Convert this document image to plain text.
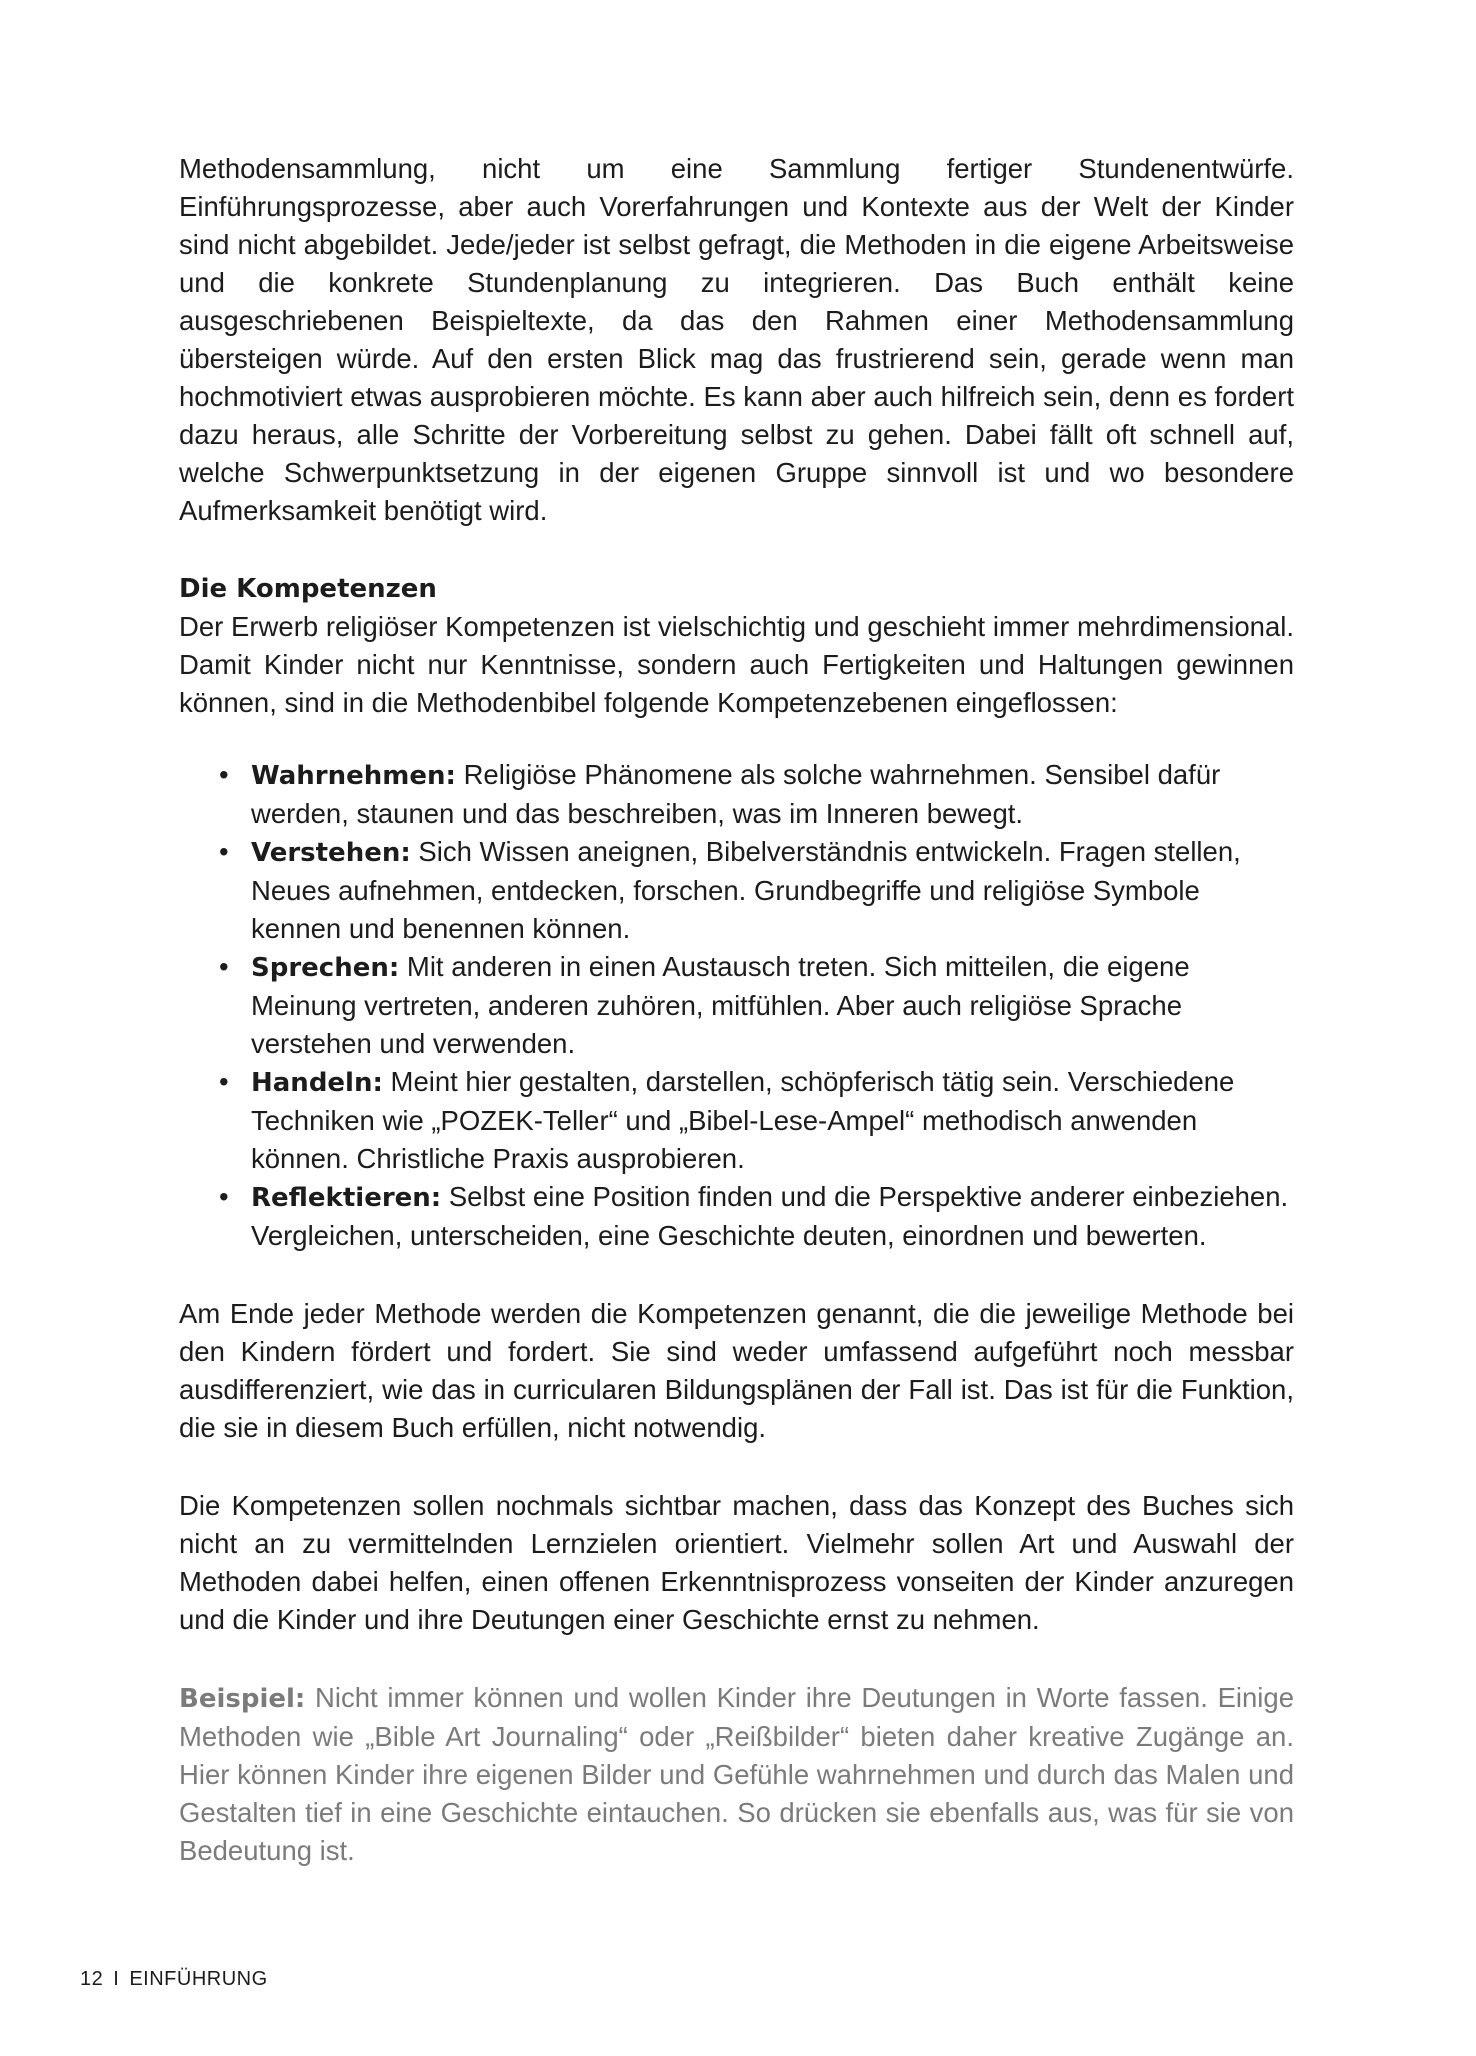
Methodensammlung, nicht um eine Sammlung fertiger Stundenentwürfe. Einführungsprozesse, aber auch Vorerfahrungen und Kontexte aus der Welt der Kinder sind nicht abgebildet. Jede/jeder ist selbst gefragt, die Methoden in die eigene Arbeitsweise und die konkrete Stundenplanung zu integrieren. Das Buch enthält keine ausgeschriebenen Beispieltexte, da das den Rahmen einer Methodensammlung übersteigen würde. Auf den ersten Blick mag das frustrierend sein, gerade wenn man hochmotiviert etwas ausprobieren möchte. Es kann aber auch hilfreich sein, denn es fordert dazu heraus, alle Schritte der Vorbereitung selbst zu gehen. Dabei fällt oft schnell auf, welche Schwerpunktsetzung in der eigenen Gruppe sinnvoll ist und wo besondere Aufmerksamkeit benötigt wird.

Die Kompetenzen

Der Erwerb religiöser Kompetenzen ist vielschichtig und geschieht immer mehrdimensional. Damit Kinder nicht nur Kenntnisse, sondern auch Fertigkeiten und Haltungen gewinnen können, sind in die Methodenbibel folgende Kompetenzebenen eingeflossen:

• Wahrnehmen: Religiöse Phänomene als solche wahrnehmen. Sensibel dafür werden, staunen und das beschreiben, was im Inneren bewegt.
• Verstehen: Sich Wissen aneignen, Bibelverständnis entwickeln. Fragen stellen, Neues aufnehmen, entdecken, forschen. Grundbegriffe und religiöse Symbole kennen und benennen können.
• Sprechen: Mit anderen in einen Austausch treten. Sich mitteilen, die eigene Meinung vertreten, anderen zuhören, mitfühlen. Aber auch religiöse Sprache verstehen und verwenden.
• Handeln: Meint hier gestalten, darstellen, schöpferisch tätig sein. Verschiedene Techniken wie „POZEK-Teller“ und „Bibel-Lese-Ampel“ methodisch anwenden können. Christliche Praxis ausprobieren.
• Reflektieren: Selbst eine Position finden und die Perspektive anderer einbeziehen. Vergleichen, unterscheiden, eine Geschichte deuten, einordnen und bewerten.

Am Ende jeder Methode werden die Kompetenzen genannt, die die jeweilige Methode bei den Kindern fördert und fordert. Sie sind weder umfassend aufgeführt noch messbar ausdifferenziert, wie das in curricularen Bildungsplänen der Fall ist. Das ist für die Funktion, die sie in diesem Buch erfüllen, nicht notwendig.

Die Kompetenzen sollen nochmals sichtbar machen, dass das Konzept des Buches sich nicht an zu vermittelnden Lernzielen orientiert. Vielmehr sollen Art und Auswahl der Methoden dabei helfen, einen offenen Erkenntnisprozess vonseiten der Kinder anzuregen und die Kinder und ihre Deutungen einer Geschichte ernst zu nehmen.

Beispiel: Nicht immer können und wollen Kinder ihre Deutungen in Worte fassen. Einige Methoden wie „Bible Art Journaling“ oder „Reißbilder“ bieten daher kreative Zugänge an. Hier können Kinder ihre eigenen Bilder und Gefühle wahrnehmen und durch das Malen und Gestalten tief in eine Geschichte eintauchen. So drücken sie ebenfalls aus, was für sie von Bedeutung ist.

12 I EINFÜHRUNG
